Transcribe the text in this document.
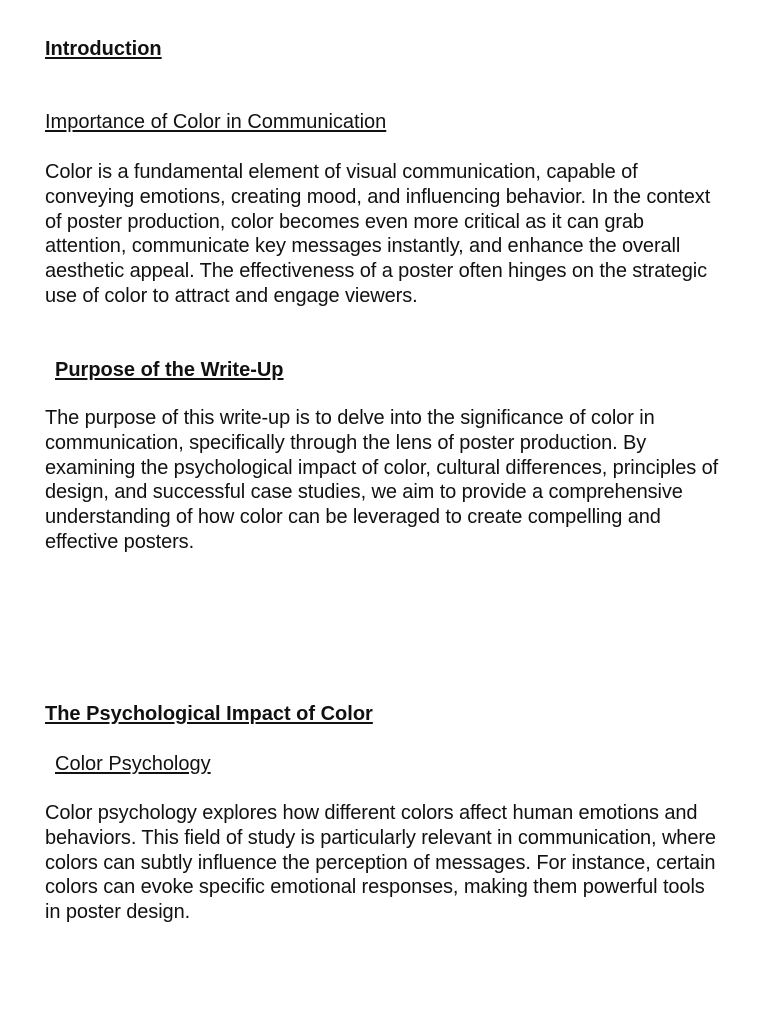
Introduction
Importance of Color in Communication

Color is a fundamental element of visual communication, capable of conveying emotions, creating mood, and influencing behavior. In the context of poster production, color becomes even more critical as it can grab attention, communicate key messages instantly, and enhance the overall aesthetic appeal. The effectiveness of a poster often hinges on the strategic use of color to attract and engage viewers.

Purpose of the Write-Up

The purpose of this write-up is to delve into the significance of color in communication, specifically through the lens of poster production. By examining the psychological impact of color, cultural differences, principles of design, and successful case studies, we aim to provide a comprehensive understanding of how color can be leveraged to create compelling and effective posters.

The Psychological Impact of Color
Color Psychology

Color psychology explores how different colors affect human emotions and behaviors. This field of study is particularly relevant in communication, where colors can subtly influence the perception of messages. For instance, certain colors can evoke specific emotional responses, making them powerful tools in poster design.
